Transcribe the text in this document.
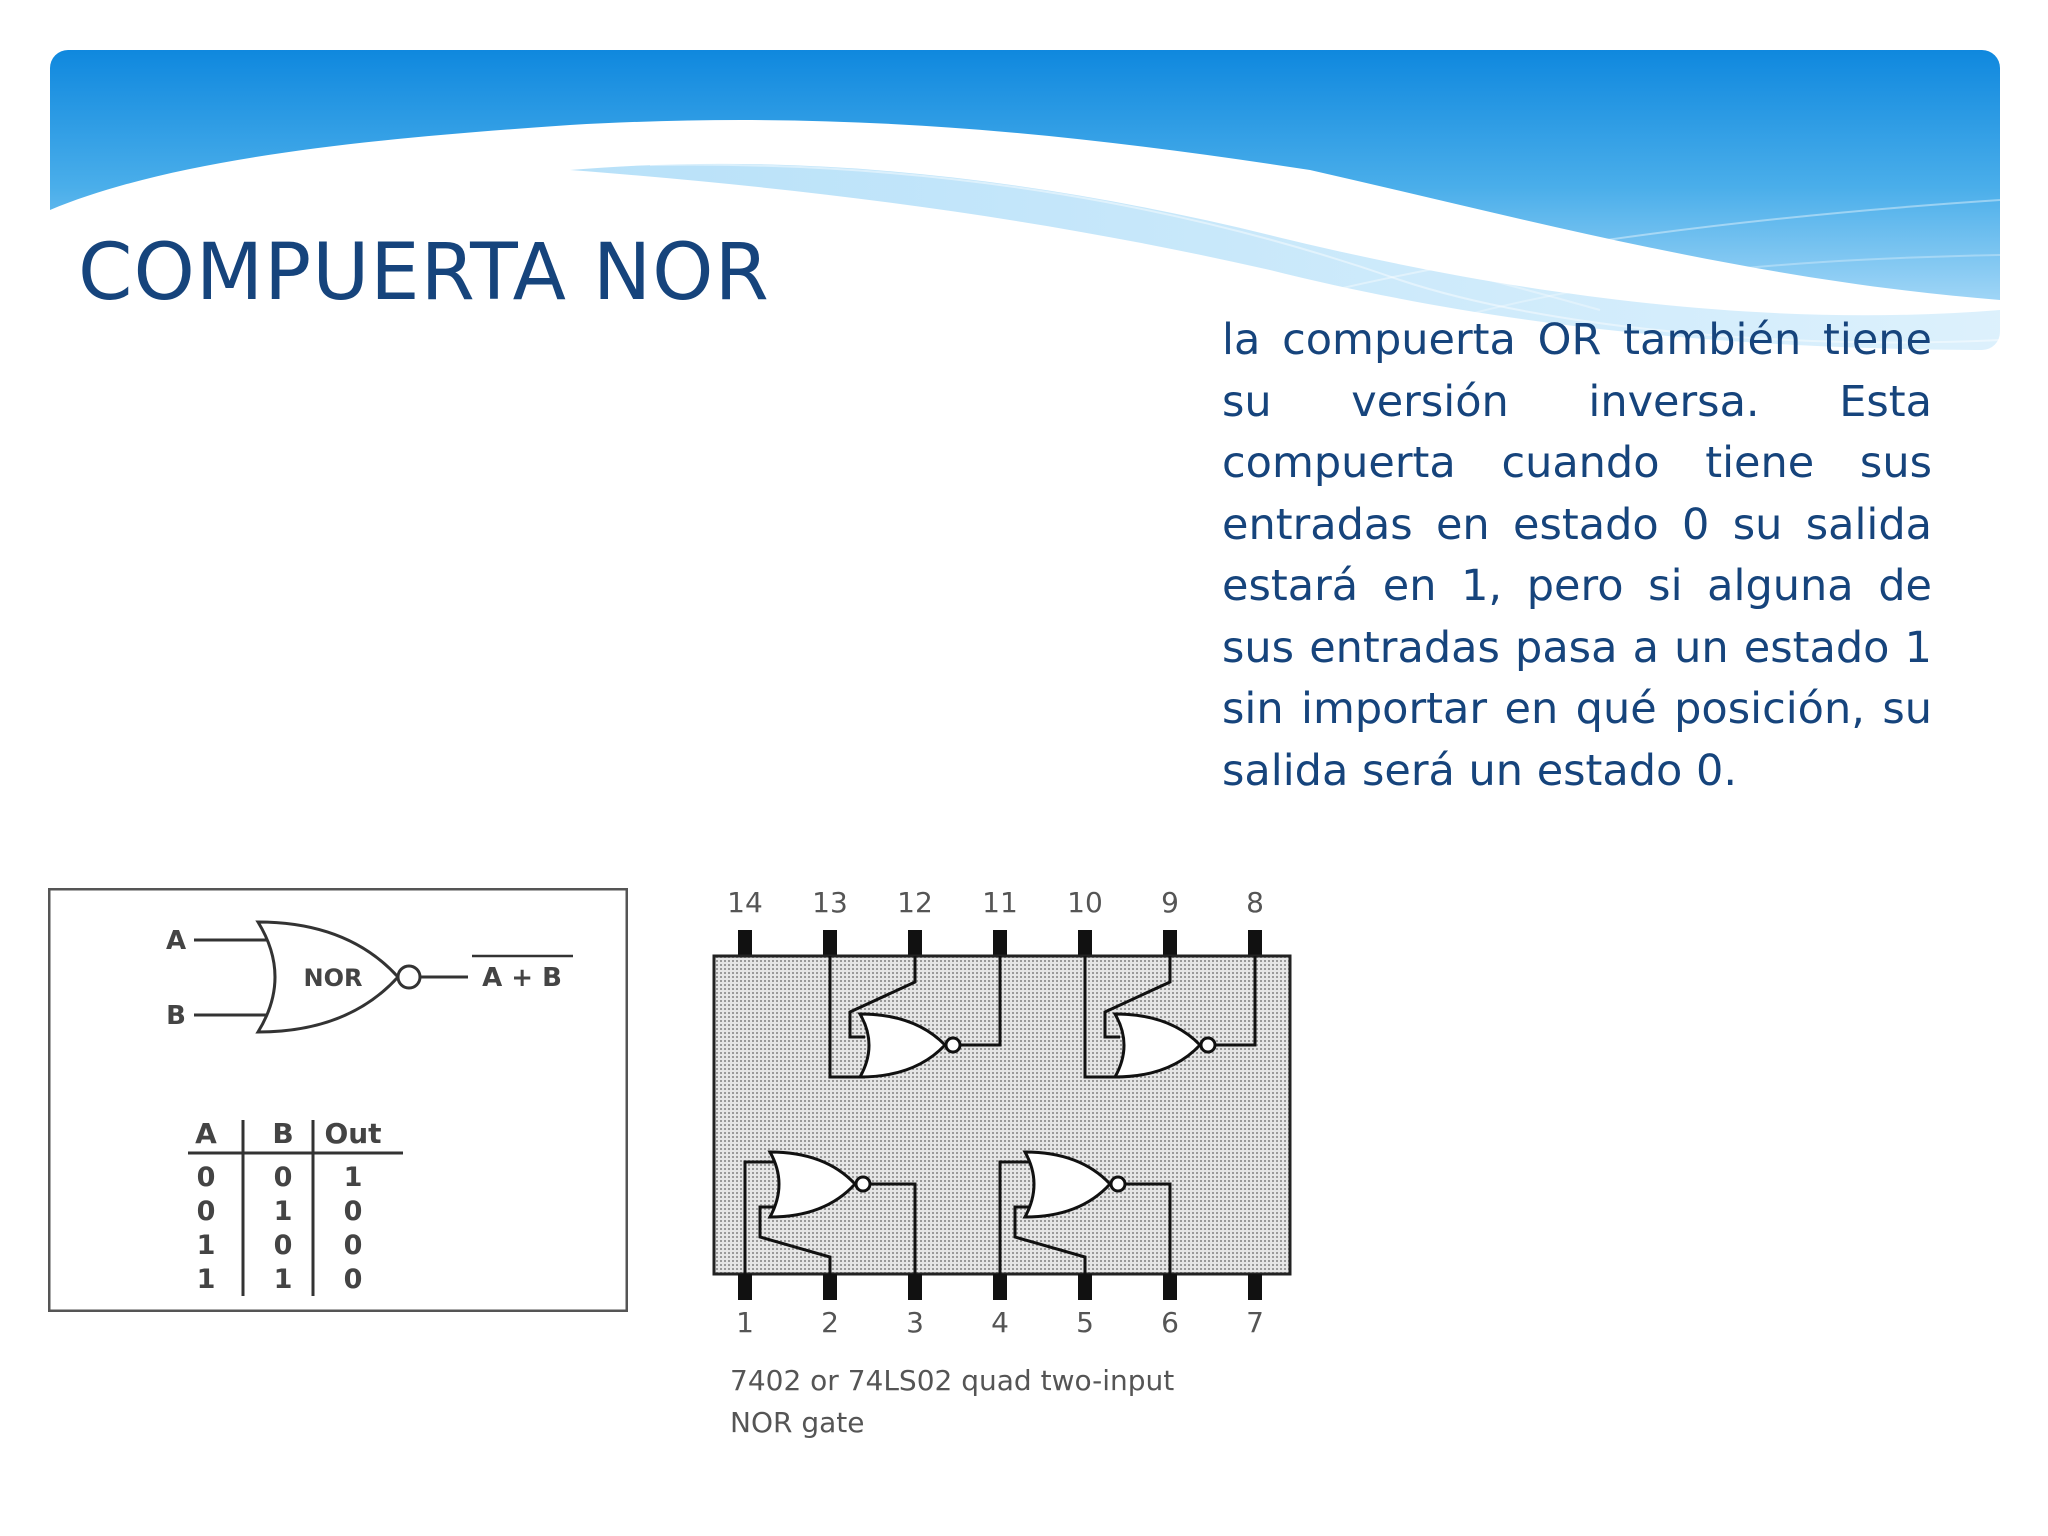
COMPUERTA NOR

la compuerta OR también tiene su versión inversa. Esta compuerta cuando tiene sus entradas en estado 0 su salida estará en 1, pero si alguna de sus entradas pasa a un estado 1 sin importar en qué posición, su salida será un estado 0.

A
B
NOR	A + B
A B Out
0 0 1
0 1 0
1 0 0
1 1 0
14 13 12 11 10 9 8
1 2 3 4 5 6 7
7402 or 74LS02 quad two-input
NOR gate
